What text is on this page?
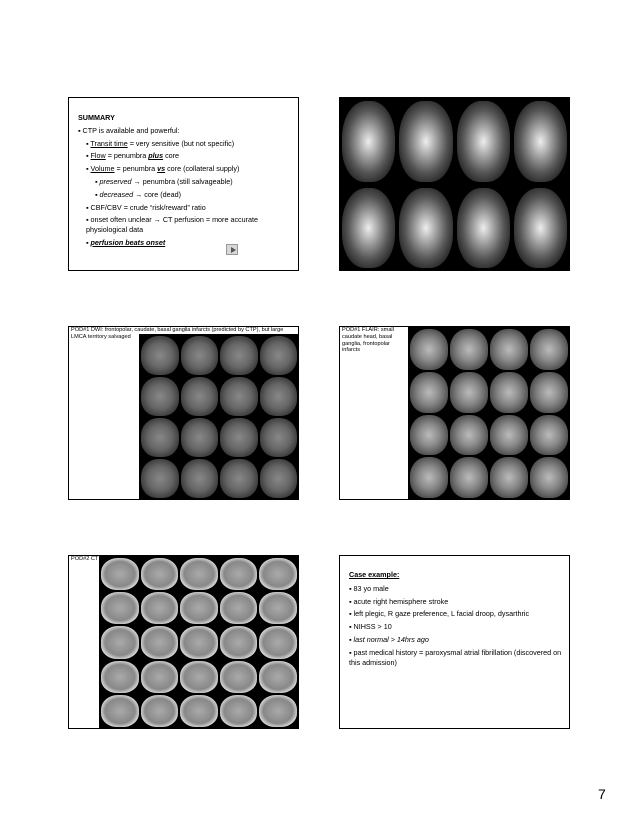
SUMMARY
▪ CTP is available and powerful:
▪ Transit time = very sensitive (but not specific)
▪ Flow = penumbra plus core
▪ Volume = penumbra vs core (collateral supply)
▪ preserved → penumbra (still salvageable)
▪ decreased → core (dead)
▪ CBF/CBV = crude “risk/reward” ratio
▪ onset often unclear → CT perfusion = more accurate physiological data
▪ perfusion beats onset
POD#1 DWI: frontopolar, caudate, basal ganglia infarcts (predicted by CTP), but large LMCA territory salvaged
POD#1 FLAIR: small caudate head, basal ganglia, frontopolar infarcts
POD#2 CT
Case example:
▪ 83 yo male
▪ acute right hemisphere stroke
▪ left plegic, R gaze preference, L facial droop, dysarthric
▪ NIHSS > 10
▪ last normal > 14hrs ago
▪ past medical history = paroxysmal atrial fibrillation (discovered on this admission)
7
